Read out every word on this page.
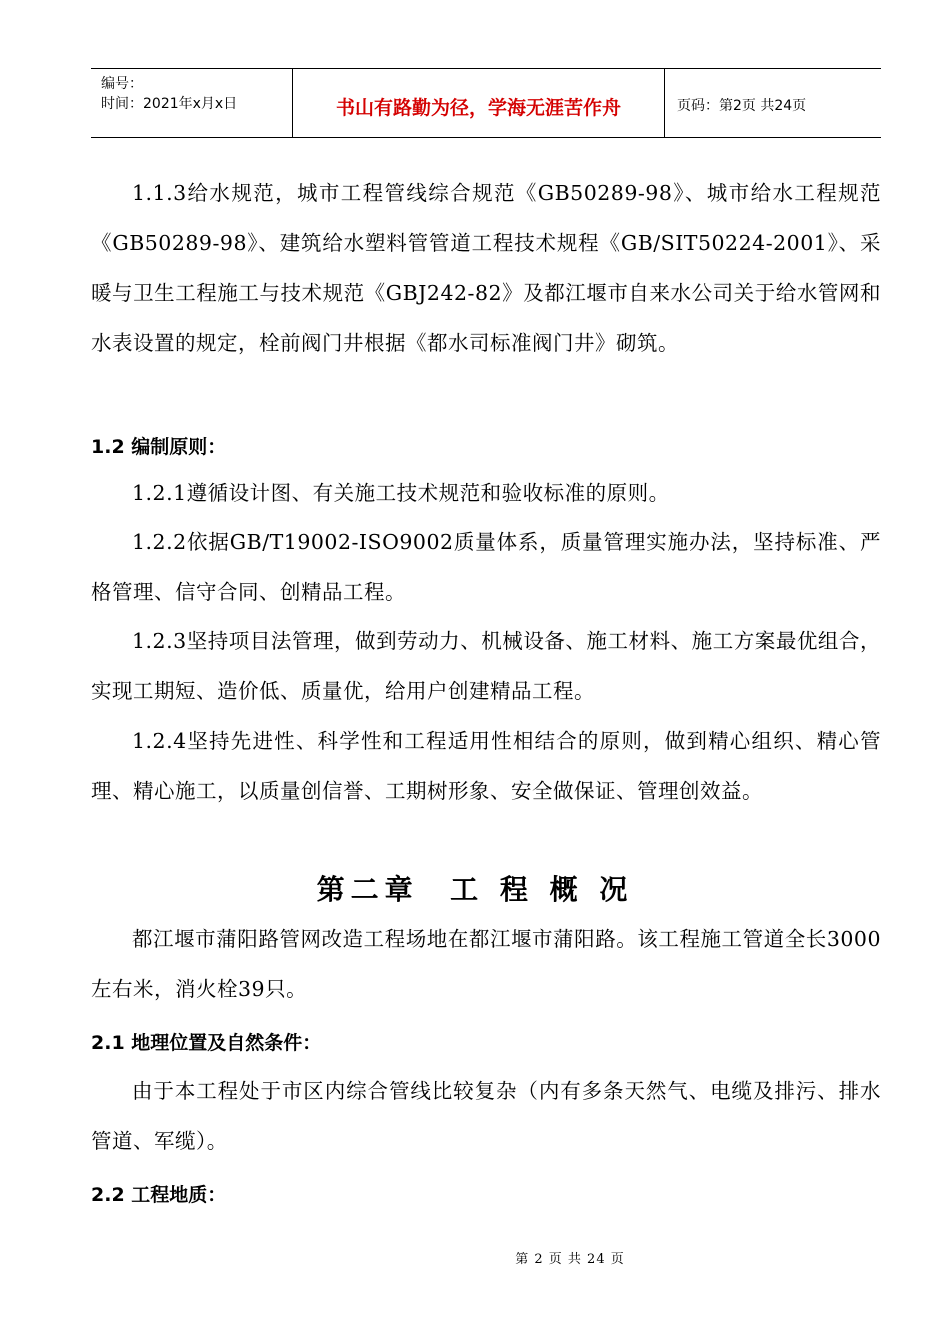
编号：
时间：2021年x月x日	书山有路勤为径，学海无涯苦作舟	页码：第2页 共24页
1.1.3给水规范，城市工程管线综合规范《GB50289-98》、城市给水工程规范《GB50289-98》、建筑给水塑料管管道工程技术规程《GB/SIT50224-2001》、采暖与卫生工程施工与技术规范《GBJ242-82》及都江堰市自来水公司关于给水管网和水表设置的规定，栓前阀门井根据《都水司标准阀门井》砌筑。
1.2 编制原则：
1.2.1遵循设计图、有关施工技术规范和验收标准的原则。
1.2.2依据GB/T19002-ISO9002质量体系，质量管理实施办法，坚持标准、严格管理、信守合同、创精品工程。
1.2.3坚持项目法管理，做到劳动力、机械设备、施工材料、施工方案最优组合，实现工期短、造价低、质量优，给用户创建精品工程。
1.2.4坚持先进性、科学性和工程适用性相结合的原则，做到精心组织、精心管理、精心施工，以质量创信誉、工期树形象、安全做保证、管理创效益。
第二章  工 程 概 况
都江堰市蒲阳路管网改造工程场地在都江堰市蒲阳路。该工程施工管道全长3000左右米，消火栓39只。
2.1 地理位置及自然条件：
由于本工程处于市区内综合管线比较复杂（内有多条天然气、电缆及排污、排水管道、军缆）。
2.2 工程地质：
第 2 页 共 24 页
